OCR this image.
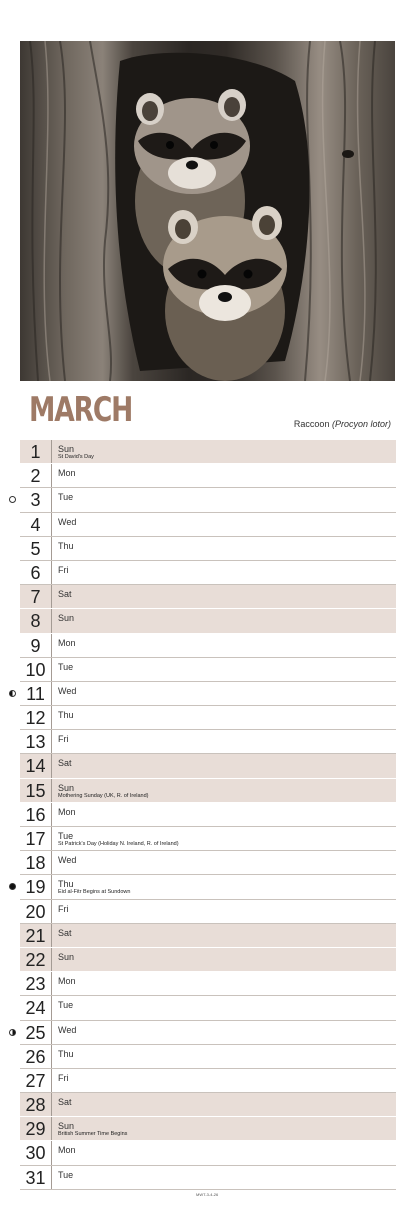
MARCH	Raccoon (Procyon lotor)
1	Sun
St David's Day
2	Mon
3	Tue
4	Wed
5	Thu
6	Fri
7	Sat
8	Sun
9	Mon
10	Tue
11	Wed
12	Thu
13	Fri
14	Sat
15	Sun
Mothering Sunday (UK, R. of Ireland)
16	Mon
17	Tue
St Patrick's Day (Holiday N. Ireland, R. of Ireland)
18	Wed
19	Thu
Eid al-Fitr Begins at Sundown
20	Fri
21	Sat
22	Sun
23	Mon
24	Tue
25	Wed
26	Thu
27	Fri
28	Sat
29	Sun
British Summer Time Begins
30	Mon
31	Tue
MWT-3-4-26
